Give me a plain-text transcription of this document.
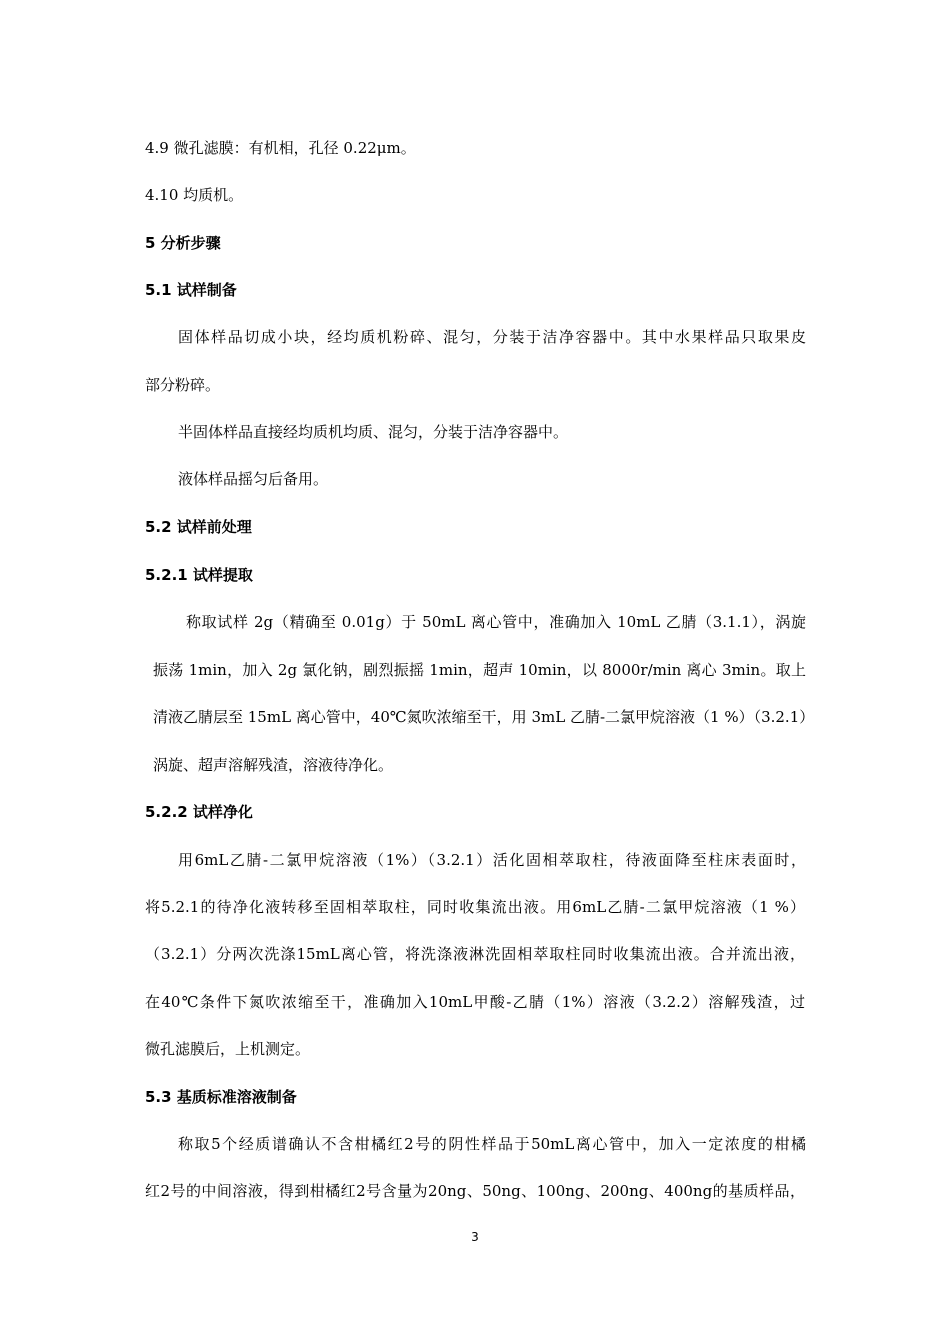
4.9 微孔滤膜：有机相，孔径 0.22μm。
4.10 均质机。
5 分析步骤
5.1 试样制备
固体样品切成小块，经均质机粉碎、混匀，分装于洁净容器中。其中水果样品只取果皮
部分粉碎。
半固体样品直接经均质机均质、混匀，分装于洁净容器中。
液体样品摇匀后备用。
5.2 试样前处理
5.2.1 试样提取
称取试样 2g（精确至 0.01g）于 50mL 离心管中，准确加入 10mL 乙腈（3.1.1），涡旋
振荡 1min，加入 2g 氯化钠，剧烈振摇 1min，超声 10min，以 8000r/min 离心 3min。取上
清液乙腈层至 15mL 离心管中，40℃氮吹浓缩至干，用 3mL 乙腈-二氯甲烷溶液（1 %）（3.2.1）
涡旋、超声溶解残渣，溶液待净化。
5.2.2 试样净化
用6mL乙腈-二氯甲烷溶液（1%）（3.2.1）活化固相萃取柱，待液面降至柱床表面时，
将5.2.1的待净化液转移至固相萃取柱，同时收集流出液。用6mL乙腈-二氯甲烷溶液（1 %）
（3.2.1）分两次洗涤15mL离心管，将洗涤液淋洗固相萃取柱同时收集流出液。合并流出液，
在40℃条件下氮吹浓缩至干，准确加入10mL甲酸-乙腈（1%）溶液（3.2.2）溶解残渣，过
微孔滤膜后，上机测定。
5.3 基质标准溶液制备
称取5个经质谱确认不含柑橘红2号的阴性样品于50mL离心管中，加入一定浓度的柑橘
红2号的中间溶液，得到柑橘红2号含量为20ng、50ng、100ng、200ng、400ng的基质样品，
3
